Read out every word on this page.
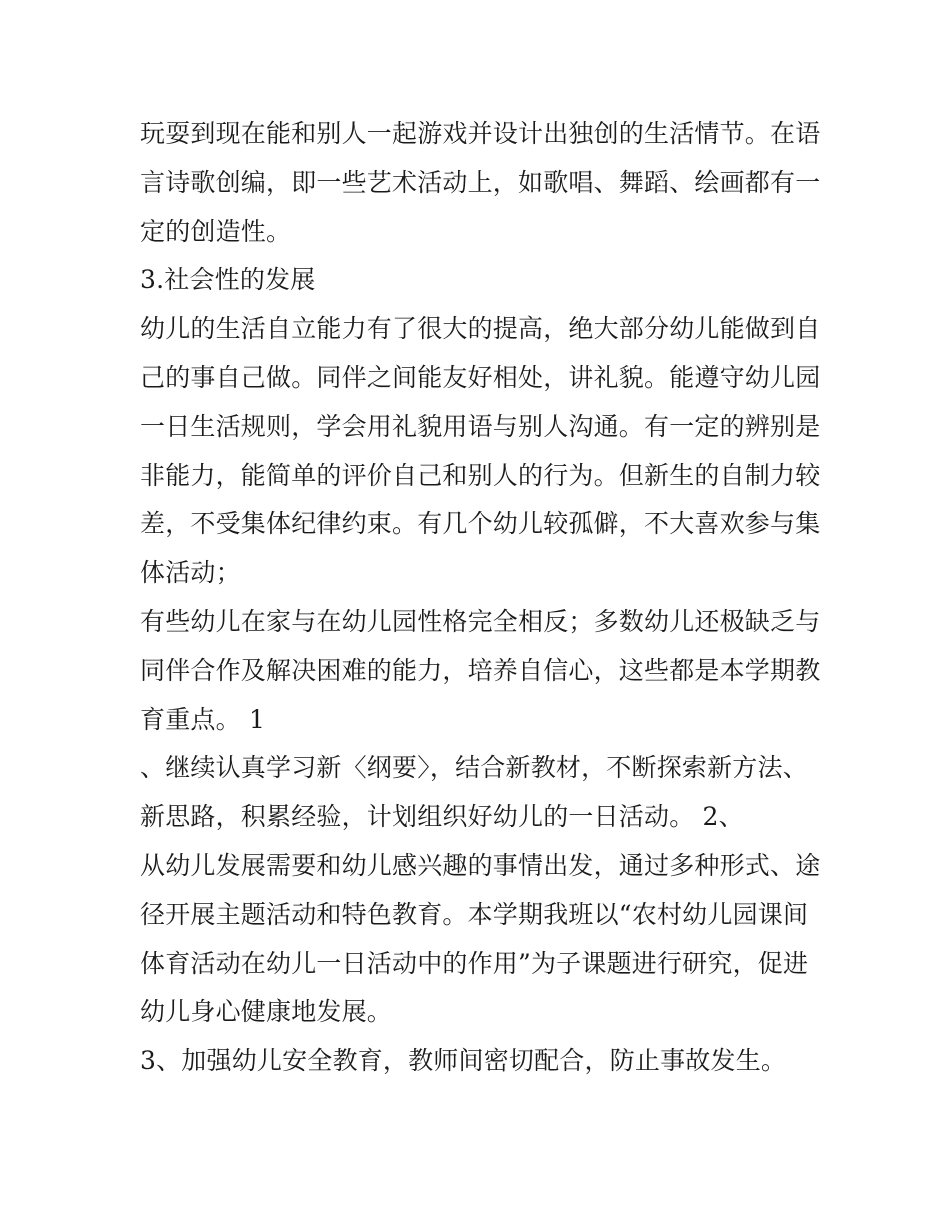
玩耍到现在能和别人一起游戏并设计出独创的生活情节。在语
言诗歌创编，即一些艺术活动上，如歌唱、舞蹈、绘画都有一
定的创造性。
3.社会性的发展
幼儿的生活自立能力有了很大的提高，绝大部分幼儿能做到自
己的事自己做。同伴之间能友好相处，讲礼貌。能遵守幼儿园
一日生活规则，学会用礼貌用语与别人沟通。有一定的辨别是
非能力，能简单的评价自己和别人的行为。但新生的自制力较
差，不受集体纪律约束。有几个幼儿较孤僻，不大喜欢参与集
体活动；
有些幼儿在家与在幼儿园性格完全相反；多数幼儿还极缺乏与
同伴合作及解决困难的能力，培养自信心，这些都是本学期教
育重点。 1
、继续认真学习新〈纲要〉，结合新教材，不断探索新方法、
新思路，积累经验，计划组织好幼儿的一日活动。 2、
从幼儿发展需要和幼儿感兴趣的事情出发，通过多种形式、途
径开展主题活动和特色教育。本学期我班以“农村幼儿园课间
体育活动在幼儿一日活动中的作用”为子课题进行研究，促进
幼儿身心健康地发展。
3、加强幼儿安全教育，教师间密切配合，防止事故发生。
